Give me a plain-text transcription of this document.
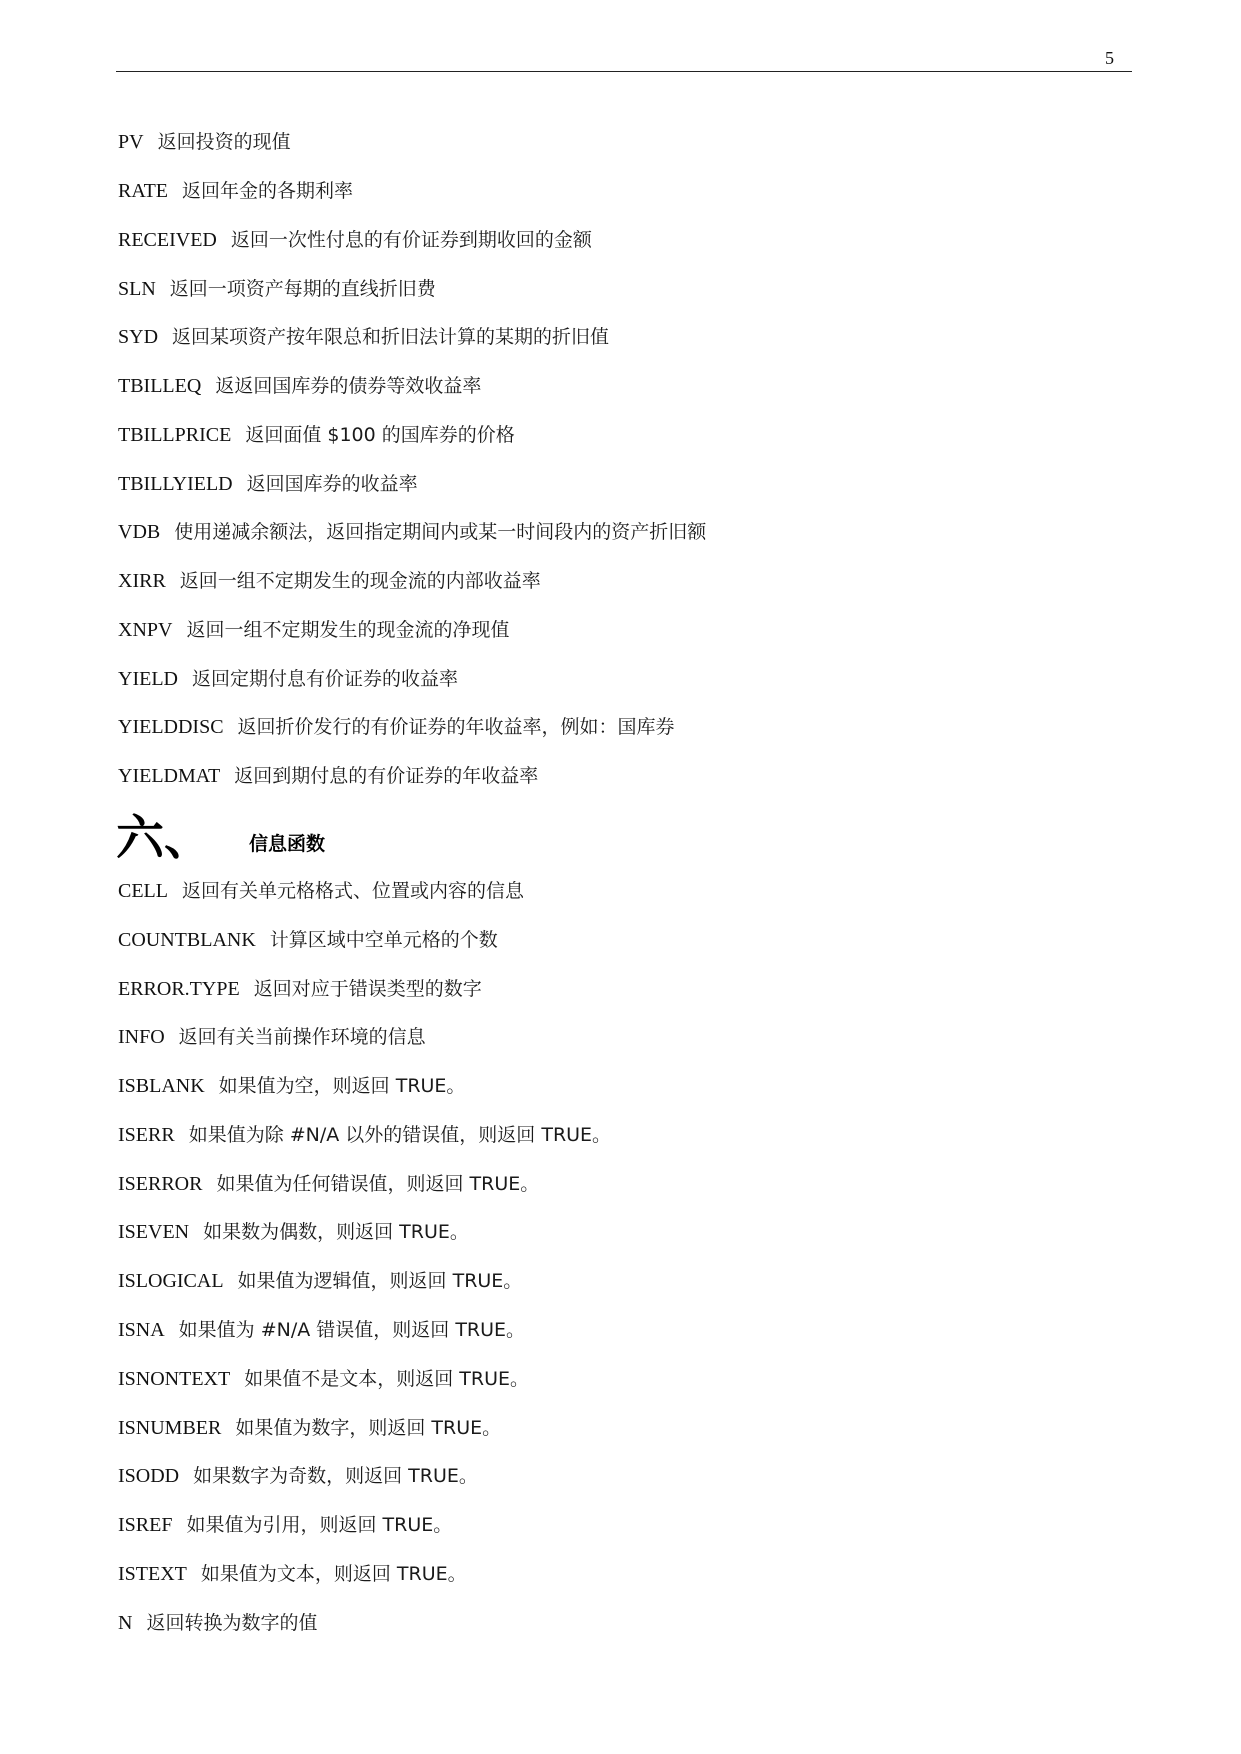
5
PV 返回投资的现值
RATE 返回年金的各期利率
RECEIVED 返回一次性付息的有价证券到期收回的金额
SLN 返回一项资产每期的直线折旧费
SYD 返回某项资产按年限总和折旧法计算的某期的折旧值
TBILLEQ 返返回国库券的债券等效收益率
TBILLPRICE 返回面值 $100 的国库券的价格
TBILLYIELD 返回国库券的收益率
VDB 使用递减余额法，返回指定期间内或某一时间段内的资产折旧额
XIRR 返回一组不定期发生的现金流的内部收益率
XNPV 返回一组不定期发生的现金流的净现值
YIELD 返回定期付息有价证券的收益率
YIELDDISC 返回折价发行的有价证券的年收益率，例如：国库券
YIELDMAT 返回到期付息的有价证券的年收益率
六、 信息函数
CELL 返回有关单元格格式、位置或内容的信息
COUNTBLANK 计算区域中空单元格的个数
ERROR.TYPE 返回对应于错误类型的数字
INFO 返回有关当前操作环境的信息
ISBLANK 如果值为空，则返回 TRUE。
ISERR 如果值为除 #N/A 以外的错误值，则返回 TRUE。
ISERROR 如果值为任何错误值，则返回 TRUE。
ISEVEN 如果数为偶数，则返回 TRUE。
ISLOGICAL 如果值为逻辑值，则返回 TRUE。
ISNA 如果值为 #N/A 错误值，则返回 TRUE。
ISNONTEXT 如果值不是文本，则返回 TRUE。
ISNUMBER 如果值为数字，则返回 TRUE。
ISODD 如果数字为奇数，则返回 TRUE。
ISREF 如果值为引用，则返回 TRUE。
ISTEXT 如果值为文本，则返回 TRUE。
N 返回转换为数字的值
